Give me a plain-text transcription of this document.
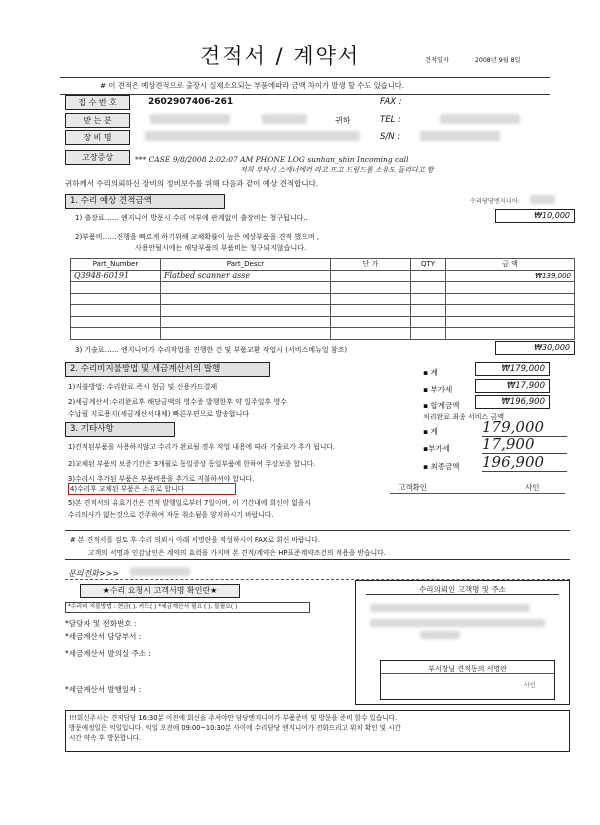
견적서 / 계약서	견적일자	2008년 9월 8일
# 이 견적은 예상견적으로 출장시 실제소요되는 부품에따라 금액 차이가 발생 할 수도 있습니다.
접 수 번 호	2602907406-261	FAX :
받 는 분	귀하	TEL :
장 비 명	S/N :
고장증상	*** CASE 9/8/2008 2:02:07 AM PHONE LOG sunhan_shin Incoming call
저희 부탁시 스캐너에러 라고 뜨고 드럼드롬 소유도 들리다고 함
귀하께서 수리의뢰하신 장비의 정비보수를 위해 다음과 같이 예상 견적합니다.
수리담당엔지니어:
1. 수리 예상 견적금액
1) 출장료‥‥‥ 엔지니어 방문시 수리 여부에 관계없이 출장비는 청구됩니다..	₩10,000
2)부품비‥‥‥진행을 빠르게 하기위해 교체확률이 높은 예상부품을 견적 했으며 ,
사용안될시에는 해당부품의 부품비는 청구되지않습니다.
Part_Number	Part_Descr	단 가	QTY	금 액
Q3948-60191	Flatbed scanner asse			₩139,000

3) 기술료‥‥‥ 엔지니어가 수리작업을 진행한 건 및 부품교환 작업시 (서비스메뉴얼 참조)	₩30,000
2. 수리비지불방법 및 세금계산서의 발행
1)지불방법: 수리완료 즉시 현금 및 신용카드결제
2)세금계산서:수리완료후 해당금액의 영수증 발행한후 약 일주일후 영수
수납필 지로용지(세금계산서대체) 빠른우편으로 발송합니다
▪ 계	₩179,000
▪ 부가세	₩17,900
▪ 합계금액	₩196,900
처리완료 최종 서비스 금액
3. 기타사항
1)견적된부품을 사용하지않고 수리가 완료될 경우 작업 내용에 따라 기술료가 추가 됩니다.
2)교체된 부품의 보증기간은 3개월로 동일증상 동일부품에 한하여 무상보증 합니다.
3)수리시 추가된 부품은 부품비용을 추가로 지불하셔야 합니다.
4)수리후 교체된 부품은 소유로 합니다
5)본 견적서의 유효기간은 견적 발행일로부터 7일이며, 이 기간내에 회신이 없을시
수리의사가 없는것으로 간주하여 자동 취소됨을 양지하시기 바랍니다.
▪ 계	179,000
▪부가세 17,900
▪ 최종금액 196,900
고객확인	사인
# 본 견적서를 검토 후 수리 의뢰시 아래 서명란을 작성하시어 FAX로 회신 바랍니다.
고객의 서명과 인감날인은 계약의 효력을 가지며 본 견적/계약은 HP표준계약조건의 적용을 받습니다.
문의전화>>>
★수리 요청시 고객서명 확인란★
*수리비 지불방법 : 현금( ), 카드( ) *세금계산서 필요 ( ), 불필요( )
*담당자 및 전화번호 :
*세금계산서 담당부서 :
*세금계산서 발의실 주소 :
*세금계산서 발행일자 :
수리의뢰인 고객명 및 주소
부서장님 견적동의 서명란
사인
!!!회신주시는 견적담당 16:30분 이전에 회신을 주셔야만 담당엔지니어가 부품준비 및 방문을 준비 할수 있습니다.
방문예정일은 익일입니다. 익일 오전에 09:00~10:30분 사이에 수리담당 엔지니어가 전화드리고 위치 확인 및 시간
시간 약속 후 방문합니다.
